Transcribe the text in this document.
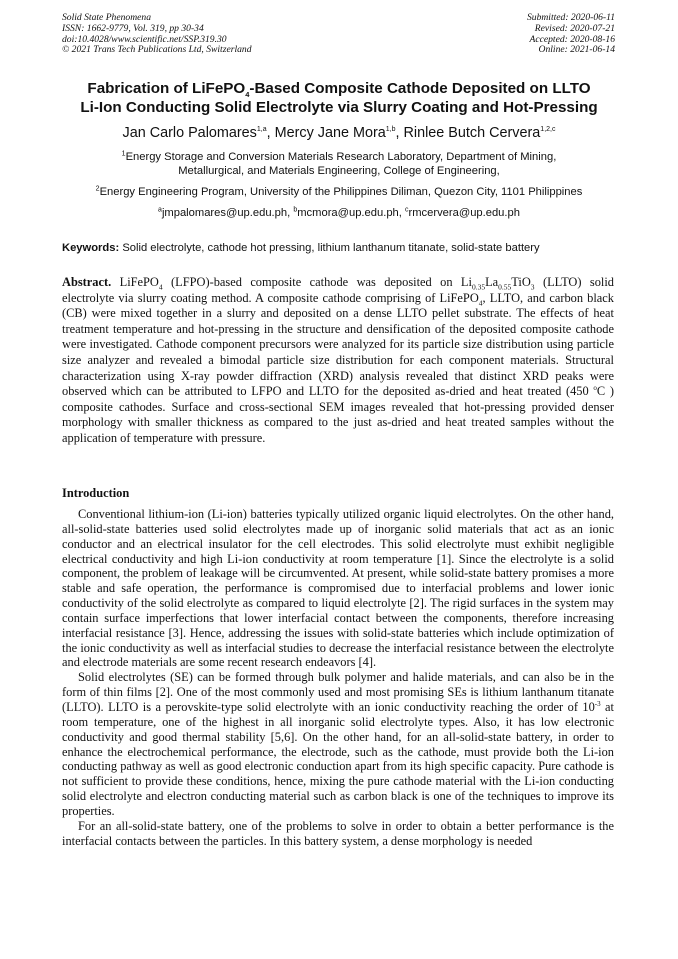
Solid State Phenomena
ISSN: 1662-9779, Vol. 319, pp 30-34
doi:10.4028/www.scientific.net/SSP.319.30
© 2021 Trans Tech Publications Ltd, Switzerland
Submitted: 2020-06-11
Revised: 2020-07-21
Accepted: 2020-08-16
Online: 2021-06-14
Fabrication of LiFePO$_4$-Based Composite Cathode Deposited on LLTO
Li-Ion Conducting Solid Electrolyte via Slurry Coating and Hot-Pressing
Jan Carlo Palomares$^{1,a}$, Mercy Jane Mora$^{1,b}$, Rinlee Butch Cervera$^{1,2,c}$
$^1$Energy Storage and Conversion Materials Research Laboratory, Department of Mining,
Metallurgical, and Materials Engineering, College of Engineering,
$^2$Energy Engineering Program, University of the Philippines Diliman, Quezon City, 1101 Philippines
$^a$jmpalomares@up.edu.ph, $^b$mcmora@up.edu.ph, $^c$rmcervera@up.edu.ph
Keywords: Solid electrolyte, cathode hot pressing, lithium lanthanum titanate, solid-state battery
Abstract. LiFePO$_4$ (LFPO)-based composite cathode was deposited on $Li_{0.35}La_{0.55}TiO_3$ (LLTO) solid electrolyte via slurry coating method. A composite cathode comprising of LiFePO$_4$, LLTO, and carbon black (CB) were mixed together in a slurry and deposited on a dense LLTO pellet substrate. The effects of heat treatment temperature and hot-pressing in the structure and densification of the deposited composite cathode were investigated. Cathode component precursors were analyzed for its particle size distribution using particle size analyzer and revealed a bimodal particle size distribution for each component materials. Structural characterization using X-ray powder diffraction (XRD) analysis revealed that distinct XRD peaks were observed which can be attributed to LFPO and LLTO for the deposited as-dried and heat treated (450 $^o$C ) composite cathodes. Surface and cross-sectional SEM images revealed that hot-pressing provided denser morphology with smaller thickness as compared to the just as-dried and heat treated samples without the application of temperature with pressure.
Introduction

Conventional lithium-ion (Li-ion) batteries typically utilized organic liquid electrolytes. On the other hand, all-solid-state batteries used solid electrolytes made up of inorganic solid materials that act as an ionic conductor and an electrical insulator for the cell electrodes. This solid electrolyte must exhibit negligible electrical conductivity and high Li-ion conductivity at room temperature [1]. Since the electrolyte is a solid component, the problem of leakage will be circumvented. At present, while solid-state battery promises a more stable and safe operation, the performance is compromised due to interfacial problems and lower ionic conductivity of the solid electrolyte as compared to liquid electrolyte [2]. The rigid surfaces in the system may contain surface imperfections that lower interfacial contact between the components, therefore increasing interfacial resistance [3]. Hence, addressing the issues with solid-state batteries which include optimization of the ionic conductivity as well as interfacial studies to decrease the interfacial resistance between the electrolyte and electrode materials are some recent research endeavors [4].

Solid electrolytes (SE) can be formed through bulk polymer and halide materials, and can also be in the form of thin films [2]. One of the most commonly used and most promising SEs is lithium lanthanum titanate (LLTO). LLTO is a perovskite-type solid electrolyte with an ionic conductivity reaching the order of $10^{-3}$ at room temperature, one of the highest in all inorganic solid electrolyte types. Also, it has low electronic conductivity and good thermal stability [5,6]. On the other hand, for an all-solid-state battery, in order to enhance the electrochemical performance, the electrode, such as the cathode, must provide both the Li-ion conducting pathway as well as good electronic conduction apart from its high specific capacity. Pure cathode is not sufficient to provide these conditions, hence, mixing the pure cathode material with the Li-ion conducting solid electrolyte and electron conducting material such as carbon black is one of the techniques to improve its properties.

For an all-solid-state battery, one of the problems to solve in order to obtain a better performance is the interfacial contacts between the particles. In this battery system, a dense morphology is needed
